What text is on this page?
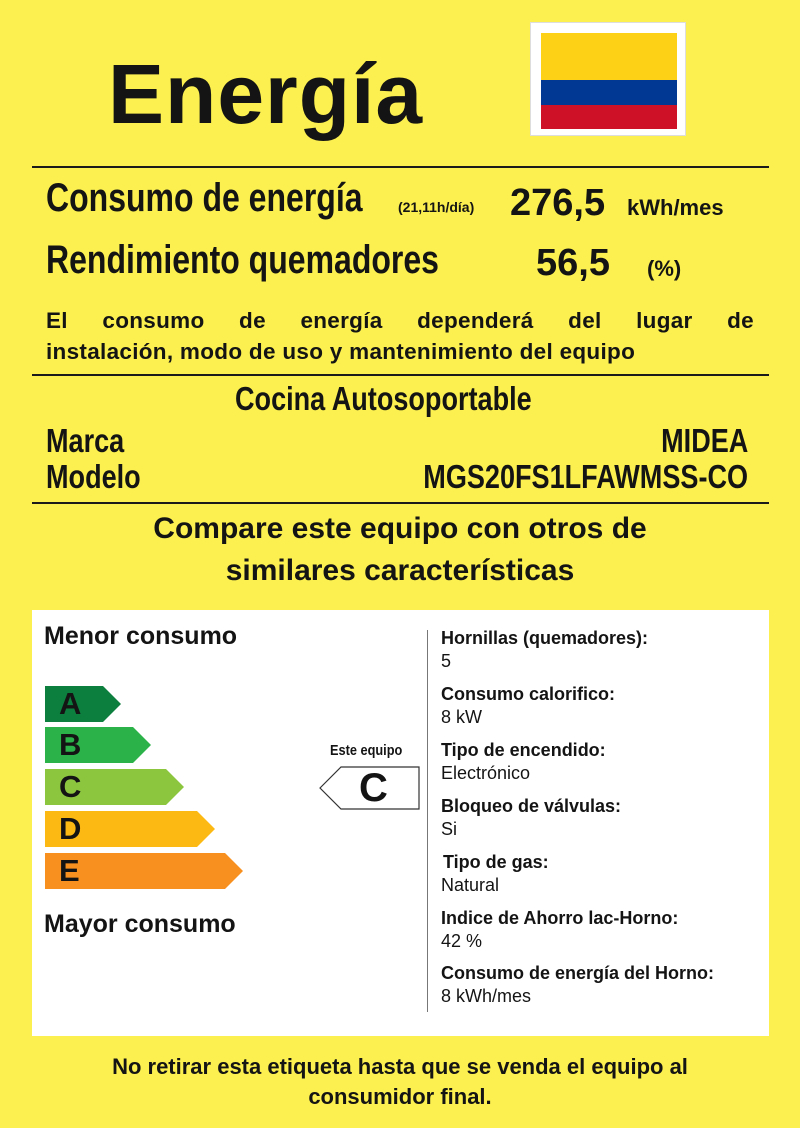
Energía
Consumo de energía	(21,11h/día) 276,5 kWh/mes
Rendimiento quemadores	56,5 (%)
El consumo de energía dependerá del lugar de
instalación, modo de uso y mantenimiento del equipo
Cocina Autosoportable
Marca	MIDEA
Modelo	MGS20FS1LFAWMSS-CO
Compare este equipo con otros de
similares características
Menor consumo
A
B
C
D
E
Mayor consumo
Este equipo
C
Hornillas (quemadores):
5
Consumo calorifico:
8 kW
Tipo de encendido:
Electrónico
Bloqueo de válvulas:
Si
Tipo de gas:
Natural
Indice de Ahorro lac-Horno:
42 %
Consumo de energía del Horno:
8 kWh/mes
No retirar esta etiqueta hasta que se venda el equipo al
consumidor final.
